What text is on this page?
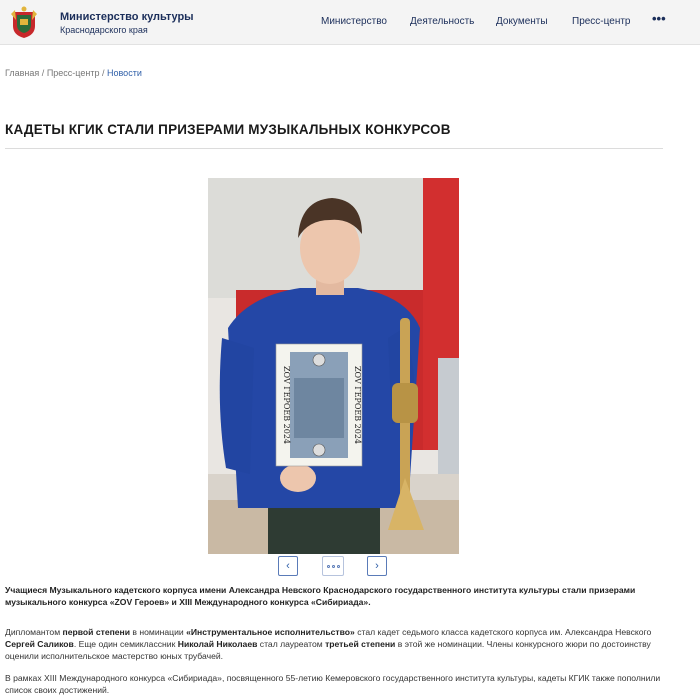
Министерство культуры
Краснодарского края
Министерство Деятельность Документы Пресс-центр •••
Главная / Пресс-центр / Новости
КАДЕТЫ КГИК СТАЛИ ПРИЗЕРАМИ МУЗЫКАЛЬНЫХ КОНКУРСОВ
ZOV ГЕРОЕВ 2024	ZOV ГЕРОЕВ 2024
‹	›

Учащиеся Музыкального кадетского корпуса имени Александра Невского Краснодарского государственного института культуры стали призерами музыкального конкурса «ZOV Героев» и XIII Международного конкурса «Сибириада».

Дипломантом первой степени в номинации «Инструментальное исполнительство» стал кадет седьмого класса кадетского корпуса им. Александра Невского Сергей Саликов. Еще один семиклассник Николай Николаев стал лауреатом третьей степени в этой же номинации. Члены конкурсного жюри по достоинству оценили исполнительское мастерство юных трубачей.

В рамках XIII Международного конкурса «Сибириада», посвященного 55-летию Кемеровского государственного института культуры, кадеты КГИК также пополнили список своих достижений.
